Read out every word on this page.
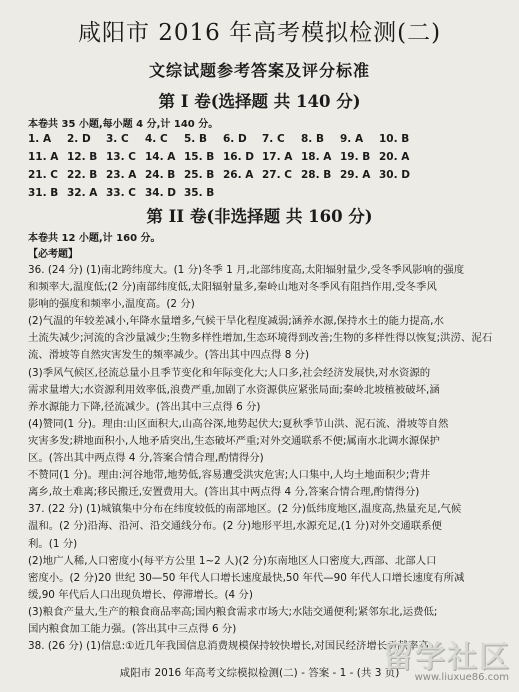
咸阳市 2016 年高考模拟检测(二)
文综试题参考答案及评分标准
第 I 卷(选择题 共 140 分)
本卷共 35 小题,每小题 4 分,计 140 分。
1. A	2. D	3. C	4. C	5. B	6. D	7. C	8. B	9. A	10. B
11. A 12. B 13. C 14. A 15. B 16. D 17. A 18. A 19. B 20. A
21. C 22. B 23. A 24. B 25. B 26. A 27. C 28. B 29. A 30. D
31. B 32. A 33. C 34. D 35. B
第 II 卷(非选择题 共 160 分)
本卷共 12 小题,计 160 分。
【必考题】
36. (24 分) (1)南北跨纬度大。(1 分)冬季 1 月,北部纬度高,太阳辐射量少,受冬季风影响的强度
和频率大,温度低;(2 分)南部纬度低,太阳辐射量多,秦岭山地对冬季风有阻挡作用,受冬季风
影响的强度和频率小,温度高。(2 分)
(2)气温的年较差减小,年降水量增多,气候干旱化程度减弱;涵养水源,保持水土的能力提高,水
土流失减少;河流的含沙量减少;生物多样性增加,生态环境得到改善;生物的多样性得以恢复;洪涝、泥石
流、滑坡等自然灾害发生的频率减少。(答出其中四点得 8 分)
(3)季风气候区,径流总量小且季节变化和年际变化大;人口多,社会经济发展快,对水资源的
需求量增大;水资源利用效率低,浪费严重,加剧了水资源供应紧张局面;秦岭北坡植被破坏,涵
养水源能力下降,径流减少。(答出其中三点得 6 分)
(4)赞同(1 分)。理由:山区面积大,山高谷深,地势起伏大;夏秋季节山洪、泥石流、滑坡等自然
灾害多发;耕地面积小,人地矛盾突出,生态破坏严重;对外交通联系不便;属南水北调水源保护
区。(答出其中两点得 4 分,答案合情合理,酌情得分)
不赞同(1 分)。理由:河谷地带,地势低,容易遭受洪灾危害;人口集中,人均土地面积少;背井
离乡,故土难离;移民搬迁,安置费用大。(答出其中两点得 4 分,答案合情合理,酌情得分)
37. (22 分) (1)城镇集中分布在纬度较低的南部地区。(2 分)低纬度地区,温度高,热量充足,气候
温和。(2 分)沿海、沿河、沿交通线分布。(2 分)地形平坦,水源充足,(1 分)对外交通联系便
利。(1 分)
(2)地广人稀,人口密度小(每平方公里 1~2 人)(2 分)东南地区人口密度大,西部、北部人口
密度小。(2 分)20 世纪 30—50 年代人口增长速度最快,50 年代—90 年代人口增长速度有所减
缓,90 年代后人口出现负增长、停滞增长。(4 分)
(3)粮食产量大,生产的粮食商品率高;国内粮食需求市场大;水陆交通便利;紧邻东北,运费低;
国内粮食加工能力强。(答出其中三点得 6 分)
38. (26 分) (1)信息:①近几年我国信息消费规模保持较快增长,对国民经济增长贡献率高
咸阳市 2016 年高考文综模拟检测(二) - 答案 - 1 - (共 3 页)
留学社区
www.liuxue86.com
